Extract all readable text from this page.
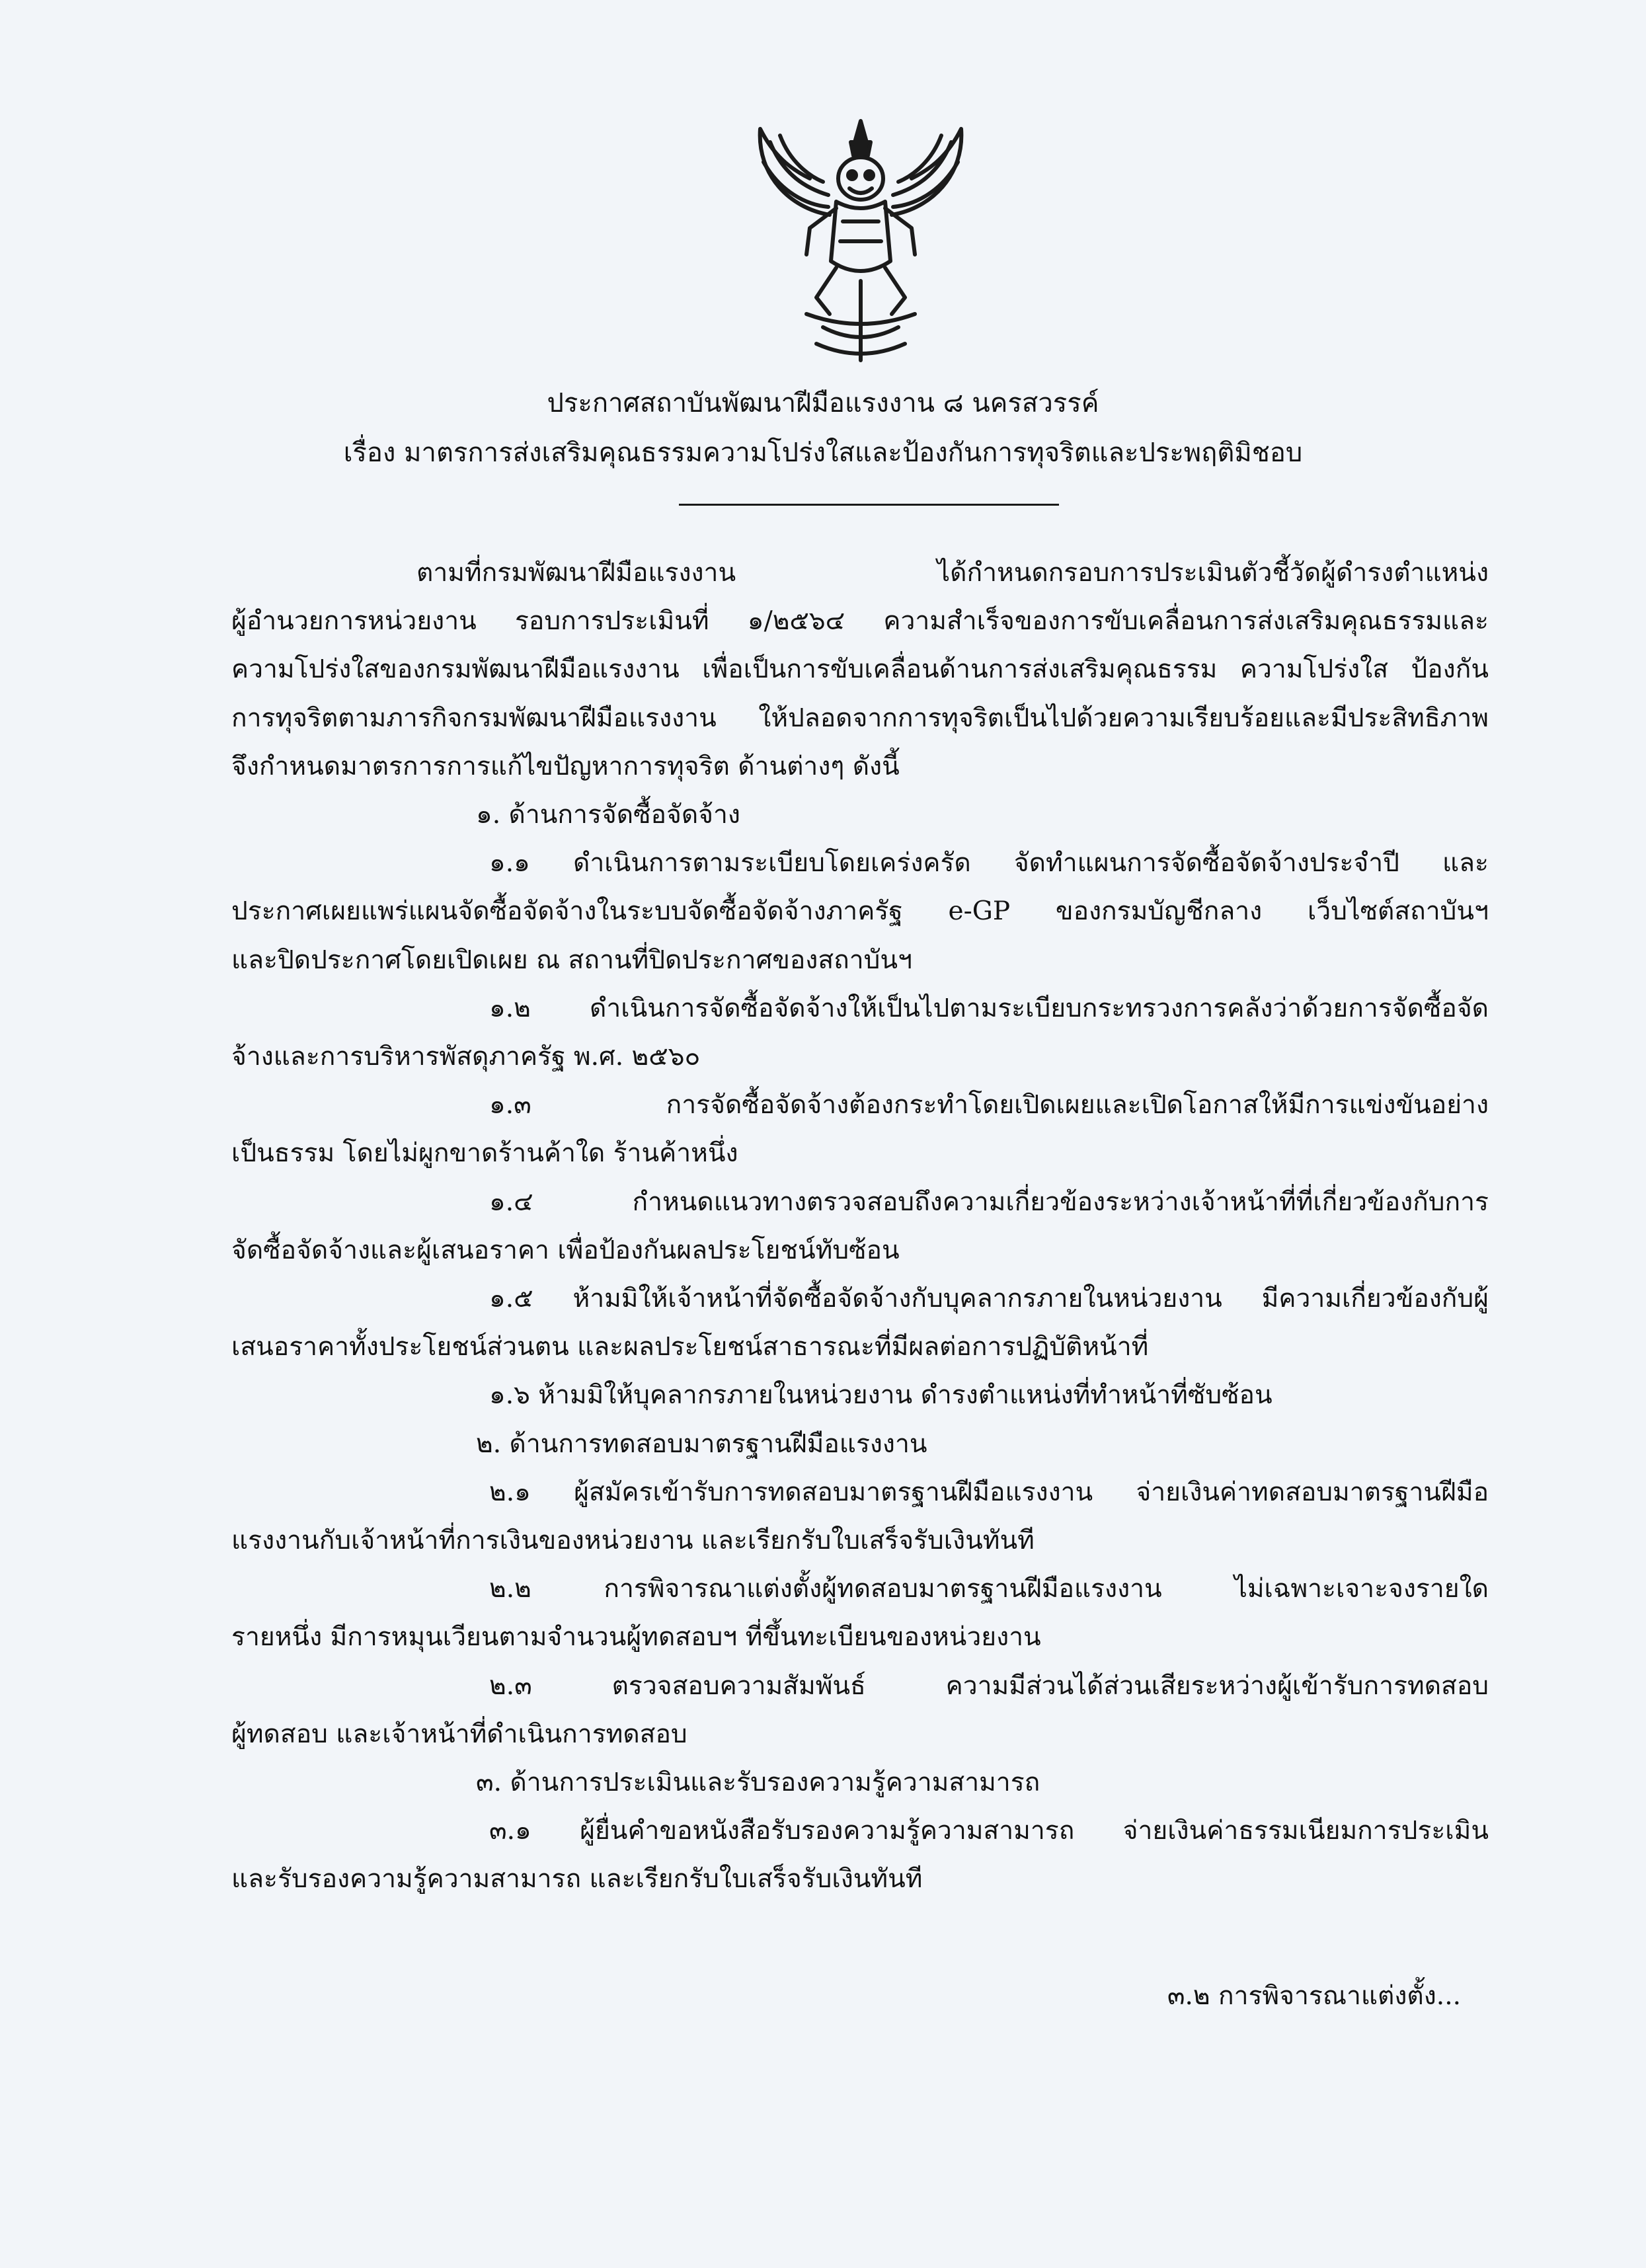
ประกาศสถาบันพัฒนาฝีมือแรงงาน ๘ นครสวรรค์
เรื่อง มาตรการส่งเสริมคุณธรรมความโปร่งใสและป้องกันการทุจริตและประพฤติมิชอบ
ตามที่กรมพัฒนาฝีมือแรงงาน ได้กำหนดกรอบการประเมินตัวชี้วัดผู้ดำรงตำแหน่ง
ผู้อำนวยการหน่วยงาน รอบการประเมินที่ ๑/๒๕๖๔ ความสำเร็จของการขับเคลื่อนการส่งเสริมคุณธรรมและ
ความโปร่งใสของกรมพัฒนาฝีมือแรงงาน เพื่อเป็นการขับเคลื่อนด้านการส่งเสริมคุณธรรม ความโปร่งใส ป้องกัน
การทุจริตตามภารกิจกรมพัฒนาฝีมือแรงงาน ให้ปลอดจากการทุจริตเป็นไปด้วยความเรียบร้อยและมีประสิทธิภาพ
จึงกำหนดมาตรการการแก้ไขปัญหาการทุจริต ด้านต่างๆ ดังนี้
๑. ด้านการจัดซื้อจัดจ้าง
๑.๑ ดำเนินการตามระเบียบโดยเคร่งครัด จัดทำแผนการจัดซื้อจัดจ้างประจำปี และ
ประกาศเผยแพร่แผนจัดซื้อจัดจ้างในระบบจัดซื้อจัดจ้างภาครัฐ e-GP ของกรมบัญชีกลาง เว็บไซต์สถาบันฯ
และปิดประกาศโดยเปิดเผย ณ สถานที่ปิดประกาศของสถาบันฯ
๑.๒ ดำเนินการจัดซื้อจัดจ้างให้เป็นไปตามระเบียบกระทรวงการคลังว่าด้วยการจัดซื้อจัด
จ้างและการบริหารพัสดุภาครัฐ พ.ศ. ๒๕๖๐
๑.๓ การจัดซื้อจัดจ้างต้องกระทำโดยเปิดเผยและเปิดโอกาสให้มีการแข่งขันอย่าง
เป็นธรรม โดยไม่ผูกขาดร้านค้าใด ร้านค้าหนึ่ง
๑.๔ กำหนดแนวทางตรวจสอบถึงความเกี่ยวข้องระหว่างเจ้าหน้าที่ที่เกี่ยวข้องกับการ
จัดซื้อจัดจ้างและผู้เสนอราคา เพื่อป้องกันผลประโยชน์ทับซ้อน
๑.๕ ห้ามมิให้เจ้าหน้าที่จัดซื้อจัดจ้างกับบุคลากรภายในหน่วยงาน มีความเกี่ยวข้องกับผู้
เสนอราคาทั้งประโยชน์ส่วนตน และผลประโยชน์สาธารณะที่มีผลต่อการปฏิบัติหน้าที่
๑.๖ ห้ามมิให้บุคลากรภายในหน่วยงาน ดำรงตำแหน่งที่ทำหน้าที่ซับซ้อน
๒. ด้านการทดสอบมาตรฐานฝีมือแรงงาน
๒.๑ ผู้สมัครเข้ารับการทดสอบมาตรฐานฝีมือแรงงาน จ่ายเงินค่าทดสอบมาตรฐานฝีมือ
แรงงานกับเจ้าหน้าที่การเงินของหน่วยงาน และเรียกรับใบเสร็จรับเงินทันที
๒.๒ การพิจารณาแต่งตั้งผู้ทดสอบมาตรฐานฝีมือแรงงาน ไม่เฉพาะเจาะจงรายใด
รายหนึ่ง มีการหมุนเวียนตามจำนวนผู้ทดสอบฯ ที่ขึ้นทะเบียนของหน่วยงาน
๒.๓ ตรวจสอบความสัมพันธ์ ความมีส่วนได้ส่วนเสียระหว่างผู้เข้ารับการทดสอบ
ผู้ทดสอบ และเจ้าหน้าที่ดำเนินการทดสอบ
๓. ด้านการประเมินและรับรองความรู้ความสามารถ
๓.๑ ผู้ยื่นคำขอหนังสือรับรองความรู้ความสามารถ จ่ายเงินค่าธรรมเนียมการประเมิน
และรับรองความรู้ความสามารถ และเรียกรับใบเสร็จรับเงินทันที
๓.๒ การพิจารณาแต่งตั้ง...
